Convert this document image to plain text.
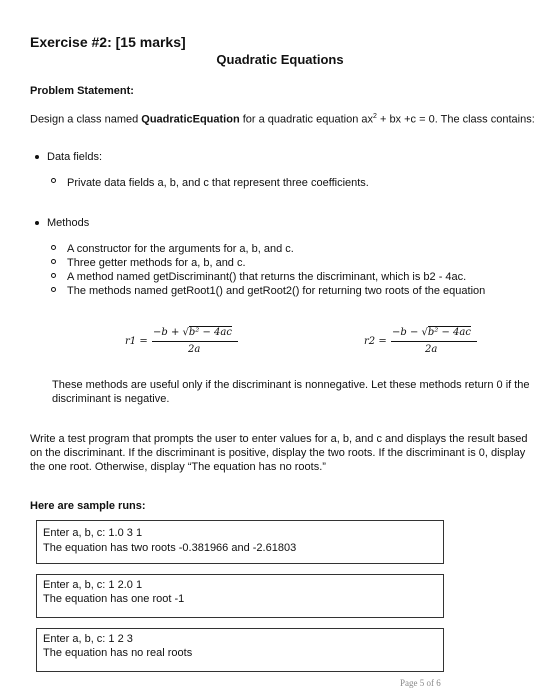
Exercise #2: [15 marks]
Quadratic Equations
Problem Statement:
Design a class named QuadraticEquation for a quadratic equation $ax^2$ + bx +c = 0. The class contains:
Data fields:
Private data fields a, b, and c that represent three coefficients.
Methods
A constructor for the arguments for a, b, and c.
Three getter methods for a, b, and c.
A method named getDiscriminant() that returns the discriminant, which is b2 - 4ac.
The methods named getRoot1() and getRoot2() for returning two roots of the equation
r1 =
−b + √b² − 4ac
2a
r2 =
−b − √b² − 4ac
2a
These methods are useful only if the discriminant is nonnegative. Let these methods return 0 if the discriminant is negative.
Write a test program that prompts the user to enter values for a, b, and c and displays the result based on the discriminant. If the discriminant is positive, display the two roots. If the discriminant is 0, display the one root. Otherwise, display “The equation has no roots.”
Here are sample runs:
Enter a, b, c: 1.0 3 1
The equation has two roots -0.381966 and -2.61803
Enter a, b, c: 1 2.0 1
The equation has one root -1
Enter a, b, c: 1 2 3
The equation has no real roots
Page 5 of 6
